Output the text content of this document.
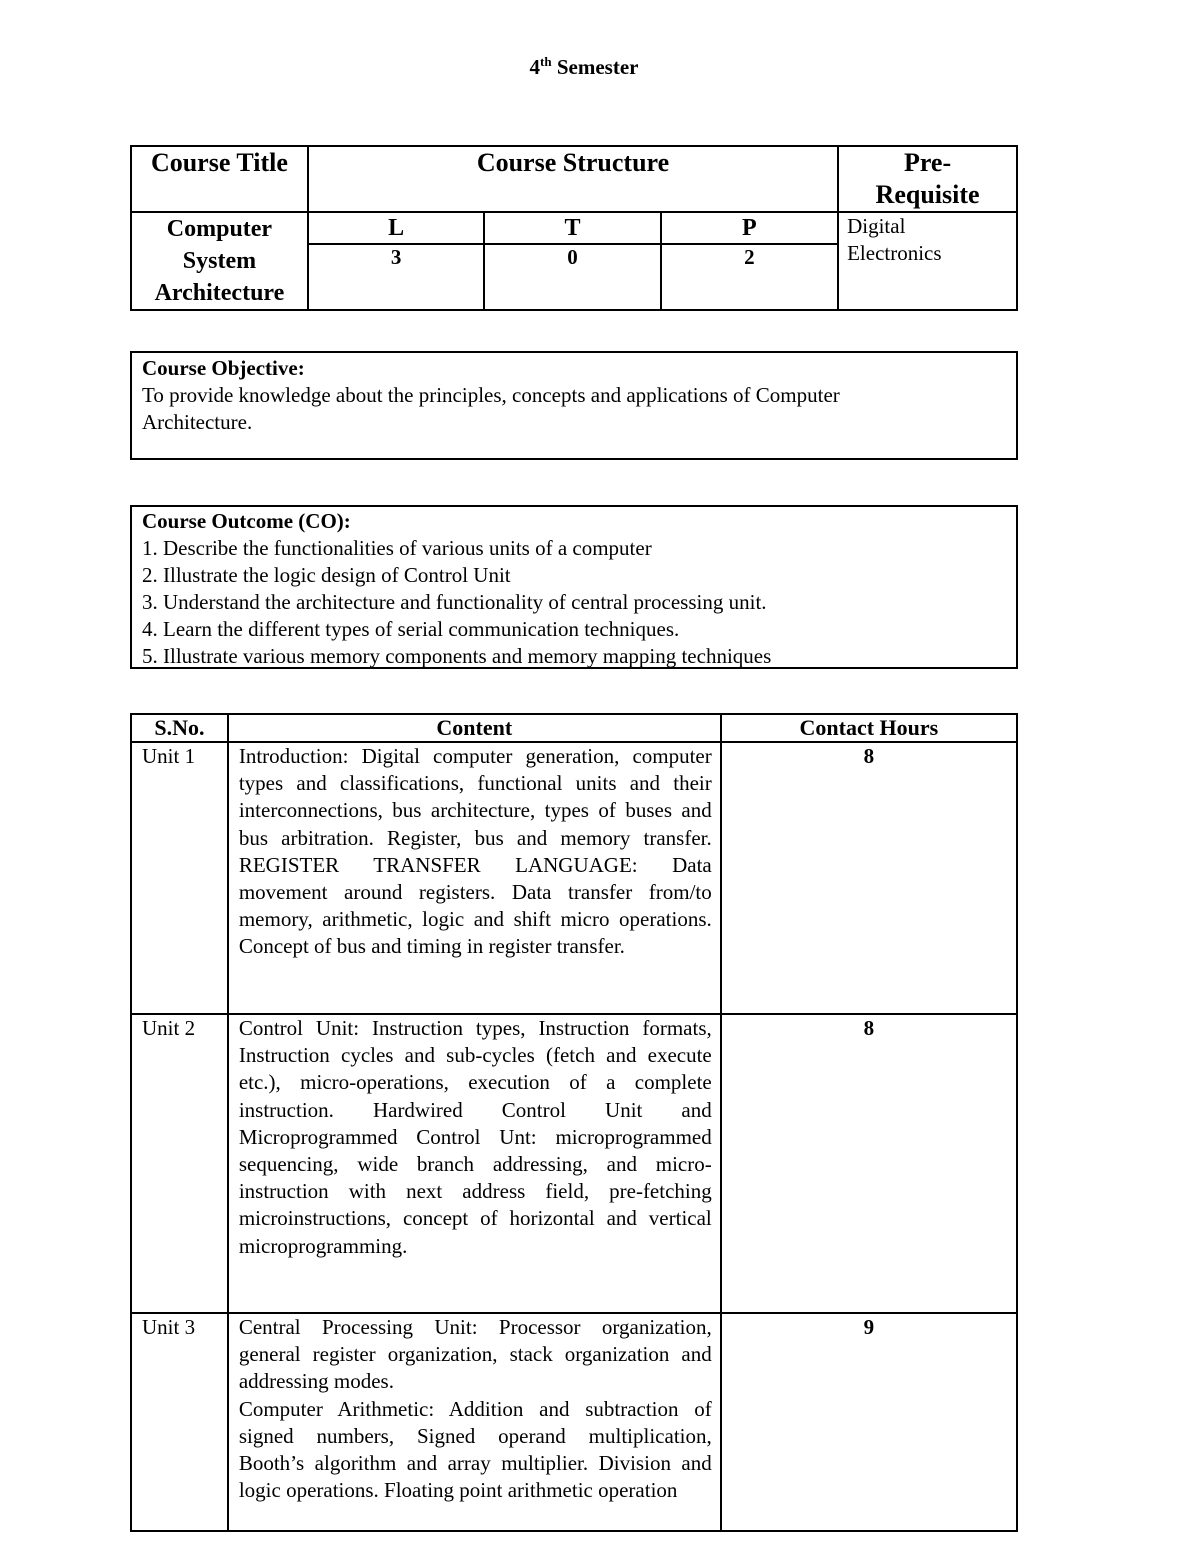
4th Semester
Course Title	Course Structure			Pre-Requisite
Computer System Architecture	L	T	P	Digital Electronics
	3	0	2	
Course Objective:
To provide knowledge about the principles, concepts and applications of Computer Architecture.
Course Outcome (CO):
1. Describe the functionalities of various units of a computer
2. Illustrate the logic design of Control Unit
3. Understand the architecture and functionality of central processing unit.
4. Learn the different types of serial communication techniques.
5. Illustrate various memory components and memory mapping techniques
S.No.	Content	Contact Hours
Unit 1	Introduction: Digital computer generation, computer types and classifications, functional units and their interconnections, bus architecture, types of buses and bus arbitration. Register, bus and memory transfer. REGISTER TRANSFER LANGUAGE: Data movement around registers. Data transfer from/to memory, arithmetic, logic and shift micro operations. Concept of bus and timing in register transfer.	8
Unit 2	Control Unit: Instruction types, Instruction formats, Instruction cycles and sub-cycles (fetch and execute etc.), micro-operations, execution of a complete instruction. Hardwired Control Unit and Microprogrammed Control Unt: microprogrammed sequencing, wide branch addressing, and micro-instruction with next address field, pre-fetching microinstructions, concept of horizontal and vertical microprogramming.	8
Unit 3	Central Processing Unit: Processor organization, general register organization, stack organization and addressing modes.
Computer Arithmetic: Addition and subtraction of signed numbers, Signed operand multiplication, Booth’s algorithm and array multiplier. Division and logic operations. Floating point arithmetic operation	9
